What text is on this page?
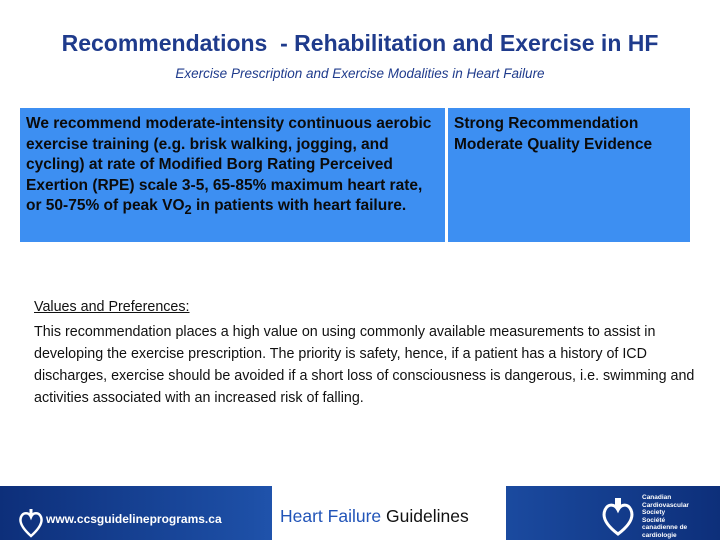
Recommendations  - Rehabilitation and Exercise in HF
Exercise Prescription and Exercise Modalities in Heart Failure
We recommend moderate-intensity continuous aerobic exercise training (e.g. brisk walking, jogging, and cycling) at rate of Modified Borg Rating Perceived Exertion (RPE) scale 3-5, 65-85% maximum heart rate, or 50-75% of peak $VO_2$ in patients with heart failure.
Strong Recommendation
Moderate Quality Evidence
Values and Preferences:
This recommendation places a high value on using commonly available measurements to assist in developing the exercise prescription. The priority is safety, hence, if a patient has a history of ICD discharges, exercise should be avoided if a short loss of consciousness is dangerous, i.e. swimming and activities associated with an increased risk of falling.
www.ccsguidelineprograms.ca	Heart Failure Guidelines
Canadian
Cardiovascular
Society
Société
canadienne de
cardiologie
